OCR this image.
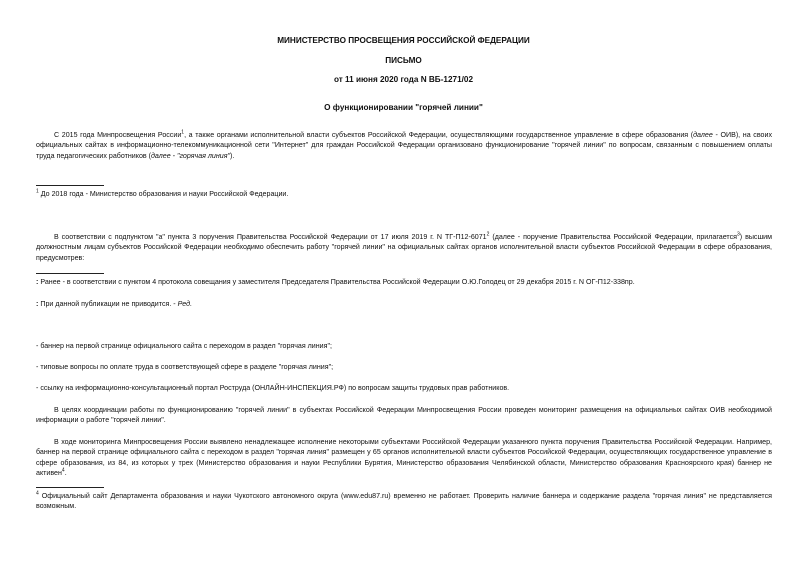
МИНИСТЕРСТВО ПРОСВЕЩЕНИЯ РОССИЙСКОЙ ФЕДЕРАЦИИ
ПИСЬМО
от 11 июня 2020 года N ВБ-1271/02
О функционировании "горячей линии"

С 2015 года Минпросвещения России$^1$, а также органами исполнительной власти субъектов Российской Федерации, осуществляющими государственное управление в сфере образования (далее - ОИВ), на своих официальных сайтах в информационно-телекоммуникационной сети "Интернет" для граждан Российской Федерации организовано функционирование "горячей линии" по вопросам, связанным с повышением оплаты труда педагогических работников (далее - "горячая линия").

$^1$ До 2018 года - Министерство образования и науки Российской Федерации.

В соответствии с подпунктом "а" пункта 3 поручения Правительства Российской Федерации от 17 июля 2019 г. N ТГ-П12-6071$^2$ (далее - поручение Правительства Российской Федерации, прилагается$^3$) высшим должностным лицам субъектов Российской Федерации необходимо обеспечить работу "горячей линии" на официальных сайтах органов исполнительной власти субъектов Российской Федерации в сфере образования, предусмотрев:

: Ранее - в соответствии с пунктом 4 протокола совещания у заместителя Председателя Правительства Российской Федерации О.Ю.Голодец от 29 декабря 2015 г. N ОГ-П12-338пр.

: При данной публикации не приводится. - Ред.

- баннер на первой странице официального сайта с переходом в раздел "горячая линия";

- типовые вопросы по оплате труда в соответствующей сфере в разделе "горячая линия";

- ссылку на информационно-консультационный портал Роструда (ОНЛАЙН-ИНСПЕКЦИЯ.РФ) по вопросам защиты трудовых прав работников.

В целях координации работы по функционированию "горячей линии" в субъектах Российской Федерации Минпросвещения России проведен мониторинг размещения на официальных сайтах ОИВ необходимой информации о работе "горячей линии".

В ходе мониторинга Минпросвещения России выявлено ненадлежащее исполнение некоторыми субъектами Российской Федерации указанного пункта поручения Правительства Российской Федерации. Например, баннер на первой странице официального сайта с переходом в раздел "горячая линия" размещен у 65 органов исполнительной власти субъектов Российской Федерации, осуществляющих государственное управление в сфере образования, из 84, из которых у трех (Министерство образования и науки Республики Бурятия, Министерство образования Челябинской области, Министерство образования Красноярского края) баннер не активен$^4$.

$^4$ Официальный сайт Департамента образования и науки Чукотского автономного округа (www.edu87.ru) временно не работает. Проверить наличие баннера и содержание раздела "горячая линия" не представляется возможным.
